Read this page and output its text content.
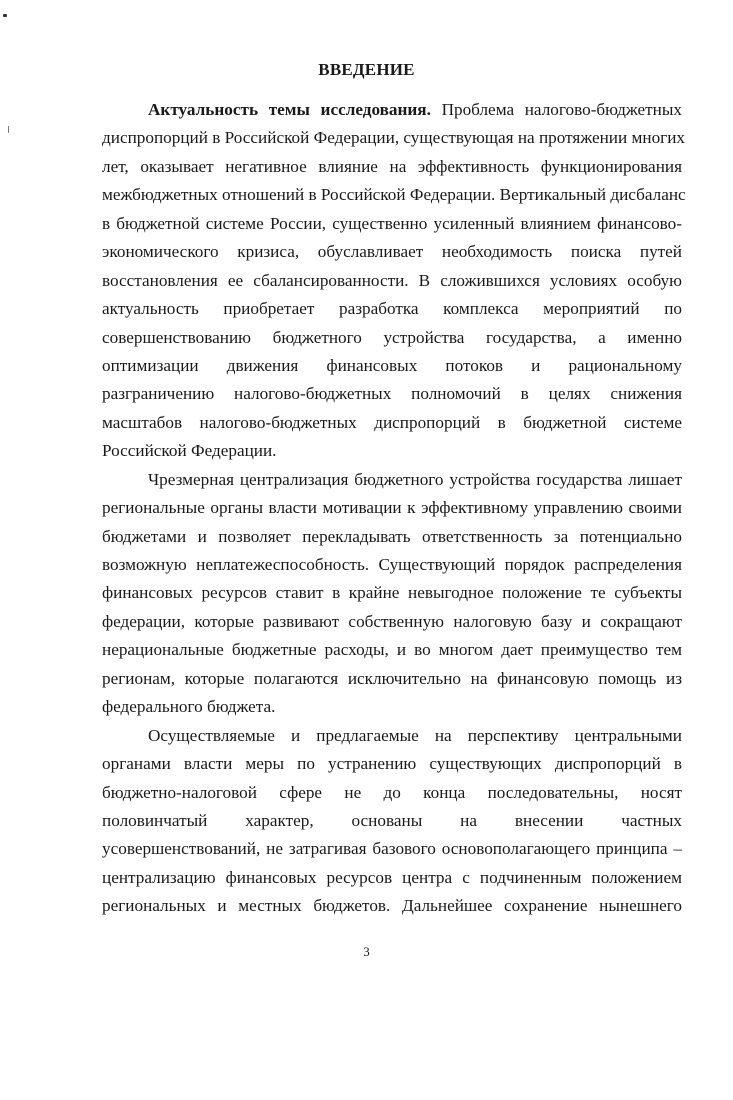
ВВЕДЕНИЕ
Актуальность темы исследования. Проблема налогово-бюджетных
диспропорций в Российской Федерации, существующая на протяжении многих
лет, оказывает негативное влияние на эффективность функционирования
межбюджетных отношений в Российской Федерации. Вертикальный дисбаланс
в бюджетной системе России, существенно усиленный влиянием финансово-
экономического кризиса, обуславливает необходимость поиска путей
восстановления ее сбалансированности. В сложившихся условиях особую
актуальность приобретает разработка комплекса мероприятий по
совершенствованию бюджетного устройства государства, а именно
оптимизации движения финансовых потоков и рациональному
разграничению налогово-бюджетных полномочий в целях снижения
масштабов налогово-бюджетных диспропорций в бюджетной системе
Российской Федерации.
Чрезмерная централизация бюджетного устройства государства лишает
региональные органы власти мотивации к эффективному управлению своими
бюджетами и позволяет перекладывать ответственность за потенциально
возможную неплатежеспособность. Существующий порядок распределения
финансовых ресурсов ставит в крайне невыгодное положение те субъекты
федерации, которые развивают собственную налоговую базу и сокращают
нерациональные бюджетные расходы, и во многом дает преимущество тем
регионам, которые полагаются исключительно на финансовую помощь из
федерального бюджета.
Осуществляемые и предлагаемые на перспективу центральными
органами власти меры по устранению существующих диспропорций в
бюджетно-налоговой сфере не до конца последовательны, носят
половинчатый характер, основаны на внесении частных
усовершенствований, не затрагивая базового основополагающего принципа –
централизацию финансовых ресурсов центра с подчиненным положением
региональных и местных бюджетов. Дальнейшее сохранение нынешнего
3
